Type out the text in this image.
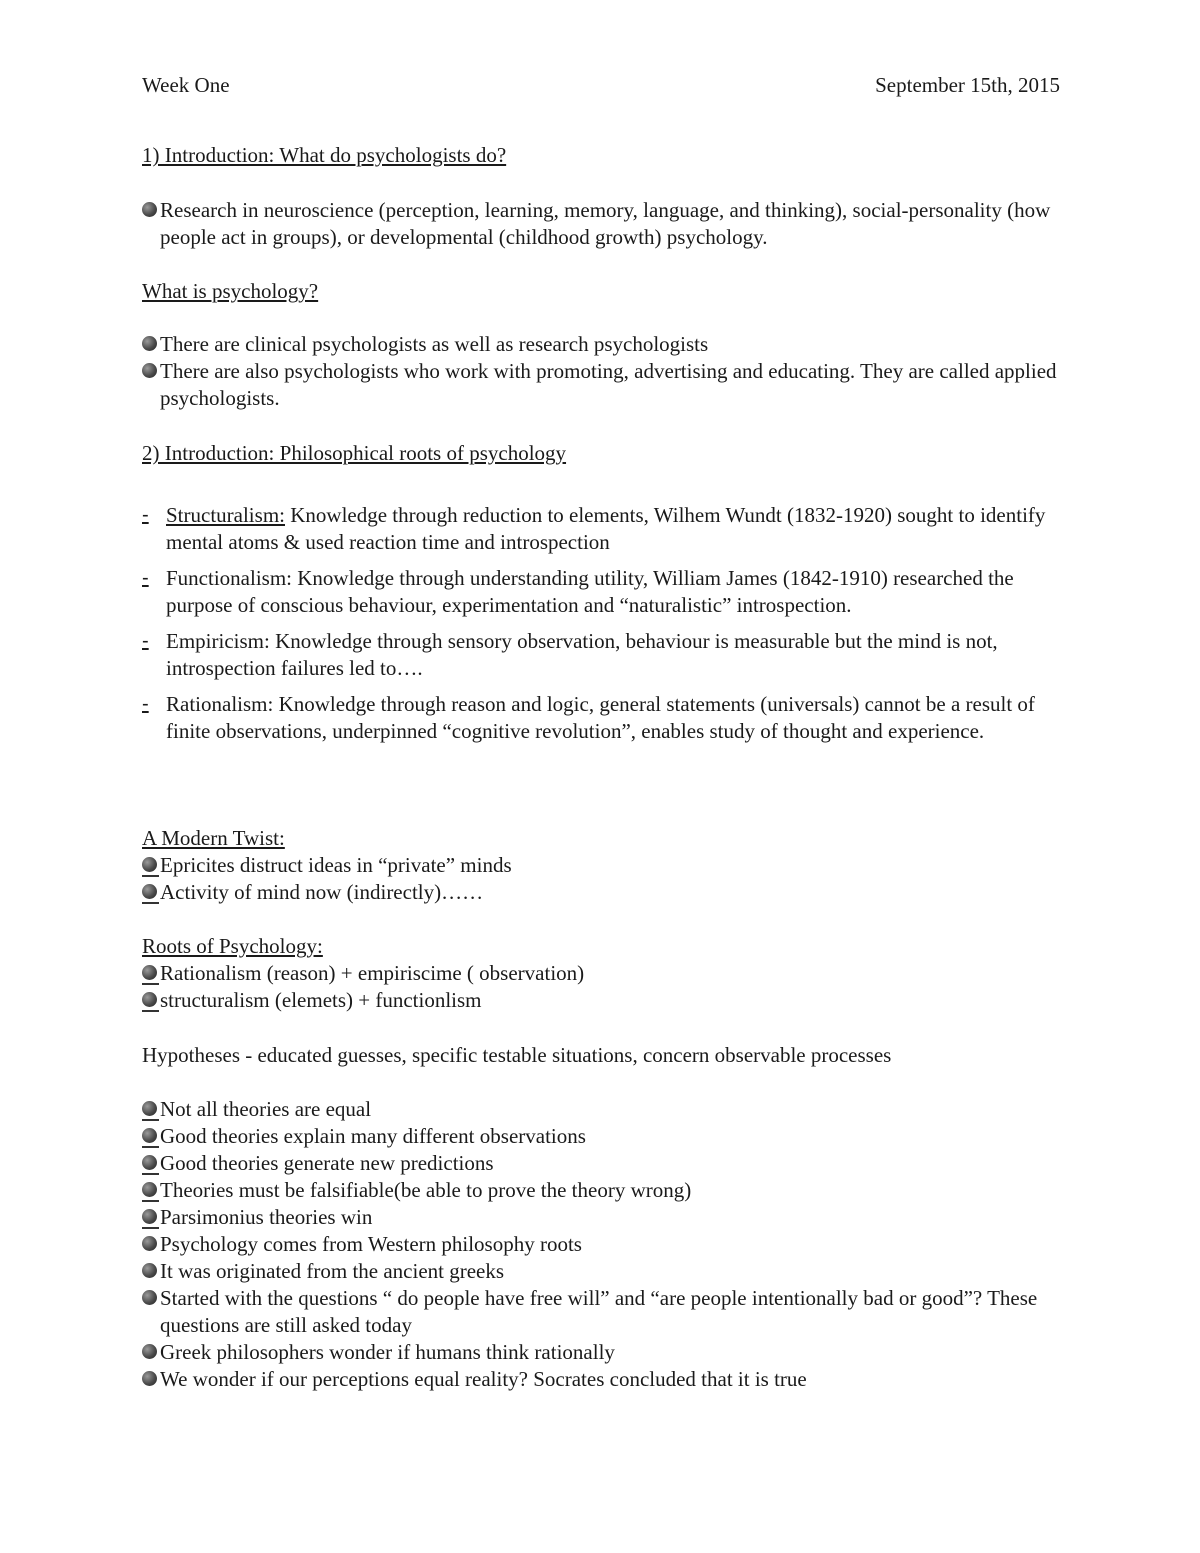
Week One	September 15th, 2015
1) Introduction: What do psychologists do?
Research in neuroscience (perception, learning, memory, language, and thinking), social-personality (how people act in groups), or developmental (childhood growth) psychology.
What is psychology?
There are clinical psychologists as well as research psychologists
There are also psychologists who work with promoting, advertising and educating. They are called applied psychologists.
2) Introduction: Philosophical roots of psychology
- Structuralism: Knowledge through reduction to elements, Wilhem Wundt (1832-1920) sought to identify mental atoms & used reaction time and introspection
- Functionalism: Knowledge through understanding utility, William James (1842-1910) researched the purpose of conscious behaviour, experimentation and “naturalistic” introspection.
- Empiricism: Knowledge through sensory observation, behaviour is measurable but the mind is not, introspection failures led to….
- Rationalism: Knowledge through reason and logic, general statements (universals) cannot be a result of finite observations, underpinned “cognitive revolution”, enables study of thought and experience.
A Modern Twist:
Epricites distruct ideas in “private” minds
Activity of mind now (indirectly)……
Roots of Psychology:
Rationalism (reason) + empiriscime ( observation)
structuralism (elemets) + functionlism
Hypotheses - educated guesses, specific testable situations, concern observable processes
Not all theories are equal
Good theories explain many different observations
Good theories generate new predictions
Theories must be falsifiable(be able to prove the theory wrong)
Parsimonius theories win
Psychology comes from Western philosophy roots
It was originated from the ancient greeks
Started with the questions “ do people have free will” and “are people intentionally bad or good”? These questions are still asked today
Greek philosophers wonder if humans think rationally
We wonder if our perceptions equal reality? Socrates concluded that it is true
